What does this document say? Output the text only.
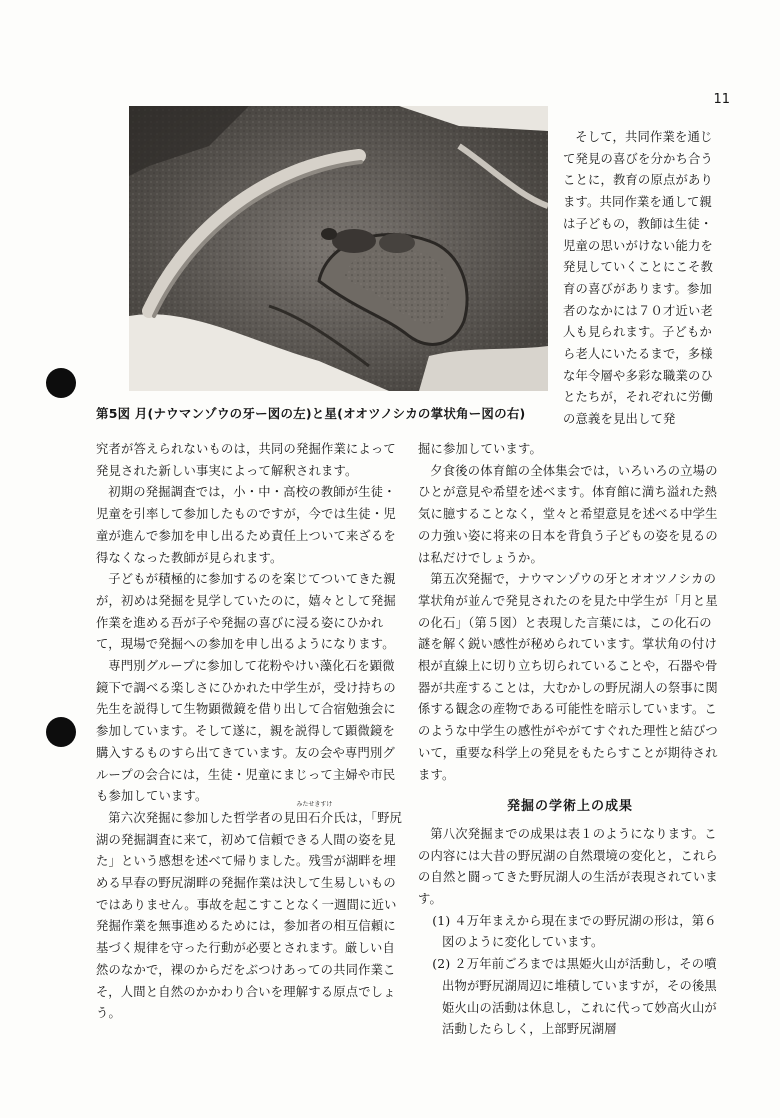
11
第5図 月(ナウマンゾウの牙ー図の左)と星(オオツノシカの掌状角ー図の右)

そして，共同作業を通じて発見の喜びを分かち合うことに，教育の原点があります。共同作業を通して親は子どもの，教師は生徒・児童の思いがけない能力を発見していくことにこそ教育の喜びがあります。参加者のなかには７０才近い老人も見られます。子どもから老人にいたるまで，多様な年令層や多彩な職業のひとたちが，それぞれに労働の意義を見出して発

究者が答えられないものは，共同の発掘作業によって発見された新しい事実によって解釈されます。

初期の発掘調査では，小・中・高校の教師が生徒・児童を引率して参加したものですが，今では生徒・児童が進んで参加を申し出るため責任上ついて来ざるを得なくなった教師が見られます。

子どもが積極的に参加するのを案じてついてきた親が，初めは発掘を見学していたのに，嬉々として発掘作業を進める吾が子や発掘の喜びに浸る姿にひかれて，現場で発掘への参加を申し出るようになります。

専門別グループに参加して花粉やけい藻化石を顕微鏡下で調べる楽しさにひかれた中学生が，受け持ちの先生を説得して生物顕微鏡を借り出して合宿勉強会に参加しています。そして遂に，親を説得して顕微鏡を購入するものすら出てきています。友の会や専門別グループの会合には，生徒・児童にまじって主婦や市民も参加しています。

第六次発掘に参加した哲学者の
みたせきすけ
見田石介氏は，「野尻湖の発掘調査に来て，初めて信頼できる人間の姿を見た」という感想を述べて帰りました。残雪が湖畔を埋める早春の野尻湖畔の発掘作業は決して生易しいものではありません。事故を起こすことなく一週間に近い発掘作業を無事進めるためには，参加者の相互信頼に基づく規律を守った行動が必要とされます。厳しい自然のなかで，裸のからだをぶつけあっての共同作業こそ，人間と自然のかかわり合いを理解する原点でしょう。

掘に参加しています。

夕食後の体育館の全体集会では，いろいろの立場のひとが意見や希望を述べます。体育館に満ち溢れた熱気に臆することなく，堂々と希望意見を述べる中学生の力強い姿に将来の日本を背負う子どもの姿を見るのは私だけでしょうか。

第五次発掘で，ナウマンゾウの牙とオオツノシカの掌状角が並んで発見されたのを見た中学生が「月と星の化石」（第５図）と表現した言葉には，この化石の謎を解く鋭い感性が秘められています。掌状角の付け根が直線上に切り立ち切られていることや，石器や骨器が共産することは，大むかしの野尻湖人の祭事に関係する観念の産物である可能性を暗示しています。このような中学生の感性がやがてすぐれた理性と結びついて，重要な科学上の発見をもたらすことが期待されます。

発掘の学術上の成果

第八次発掘までの成果は表１のようになります。この内容には大昔の野尻湖の自然環境の変化と，これらの自然と闘ってきた野尻湖人の生活が表現されています。

(1) ４万年まえから現在までの野尻湖の形は，第６図のように変化しています。

(2) ２万年前ごろまでは黒姫火山が活動し，その噴出物が野尻湖周辺に堆積していますが，その後黒姫火山の活動は休息し，これに代って妙高火山が活動したらしく，上部野尻湖層
